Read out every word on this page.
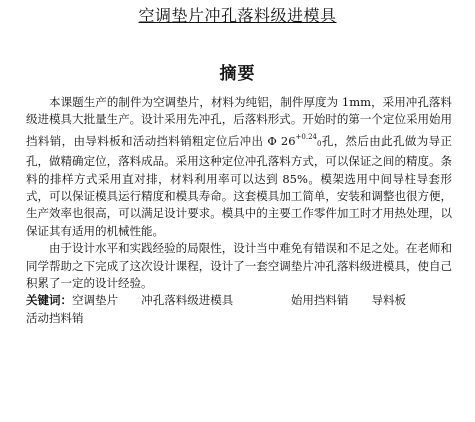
空调垫片冲孔落料级进模具
摘要

本课题生产的制件为空调垫片，材料为纯铝，制件厚度为 1mm，采用冲孔落料级进模具大批量生产。设计采用先冲孔，后落料形式。开始时的第一个定位采用始用挡料销，由导料板和活动挡料销粗定位后冲出 Φ $26^{+0.24}0$孔，然后由此孔做为导正孔，做精确定位，落料成品。采用这种定位冲孔落料方式，可以保证之间的精度。条料的排样方式采用直对排，材料利用率可以达到 85%。模架选用中间导柱导套形式，可以保证模具运行精度和模具寿命。这套模具加工简单，安装和调整也很方便，生产效率也很高，可以满足设计要求。模具中的主要工作零件加工时才用热处理，以保证其有适用的机械性能。

由于设计水平和实践经验的局限性，设计当中难免有错误和不足之处。在老师和同学帮助之下完成了这次设计课程，设计了一套空调垫片冲孔落料级进模具，使自己积累了一定的设计经验。

关键词：空调垫片   冲孔落料级进模具     	始用挡料销   导料板    活动挡料销
